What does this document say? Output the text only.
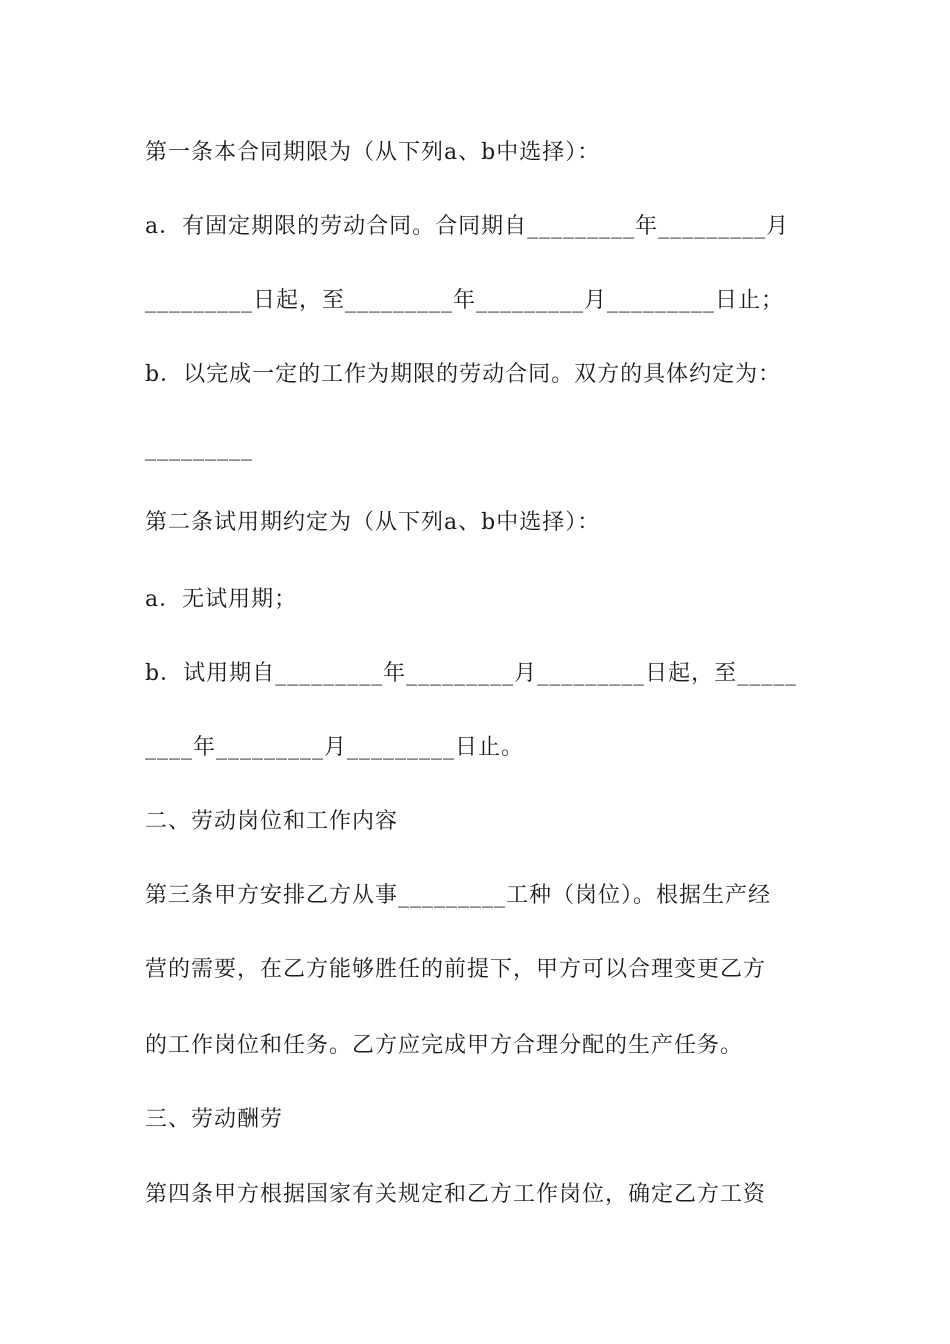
第一条本合同期限为（从下列a、b中选择）：
a．有固定期限的劳动合同。合同期自_________年_________月
_________日起，至_________年_________月_________日止；
b．以完成一定的工作为期限的劳动合同。双方的具体约定为：
_________
第二条试用期约定为（从下列a、b中选择）：
a．无试用期；
b．试用期自_________年_________月_________日起，至_____
____年_________月_________日止。
二、劳动岗位和工作内容
第三条甲方安排乙方从事_________工种（岗位）。根据生产经
营的需要，在乙方能够胜任的前提下，甲方可以合理变更乙方
的工作岗位和任务。乙方应完成甲方合理分配的生产任务。
三、劳动酬劳
第四条甲方根据国家有关规定和乙方工作岗位，确定乙方工资
